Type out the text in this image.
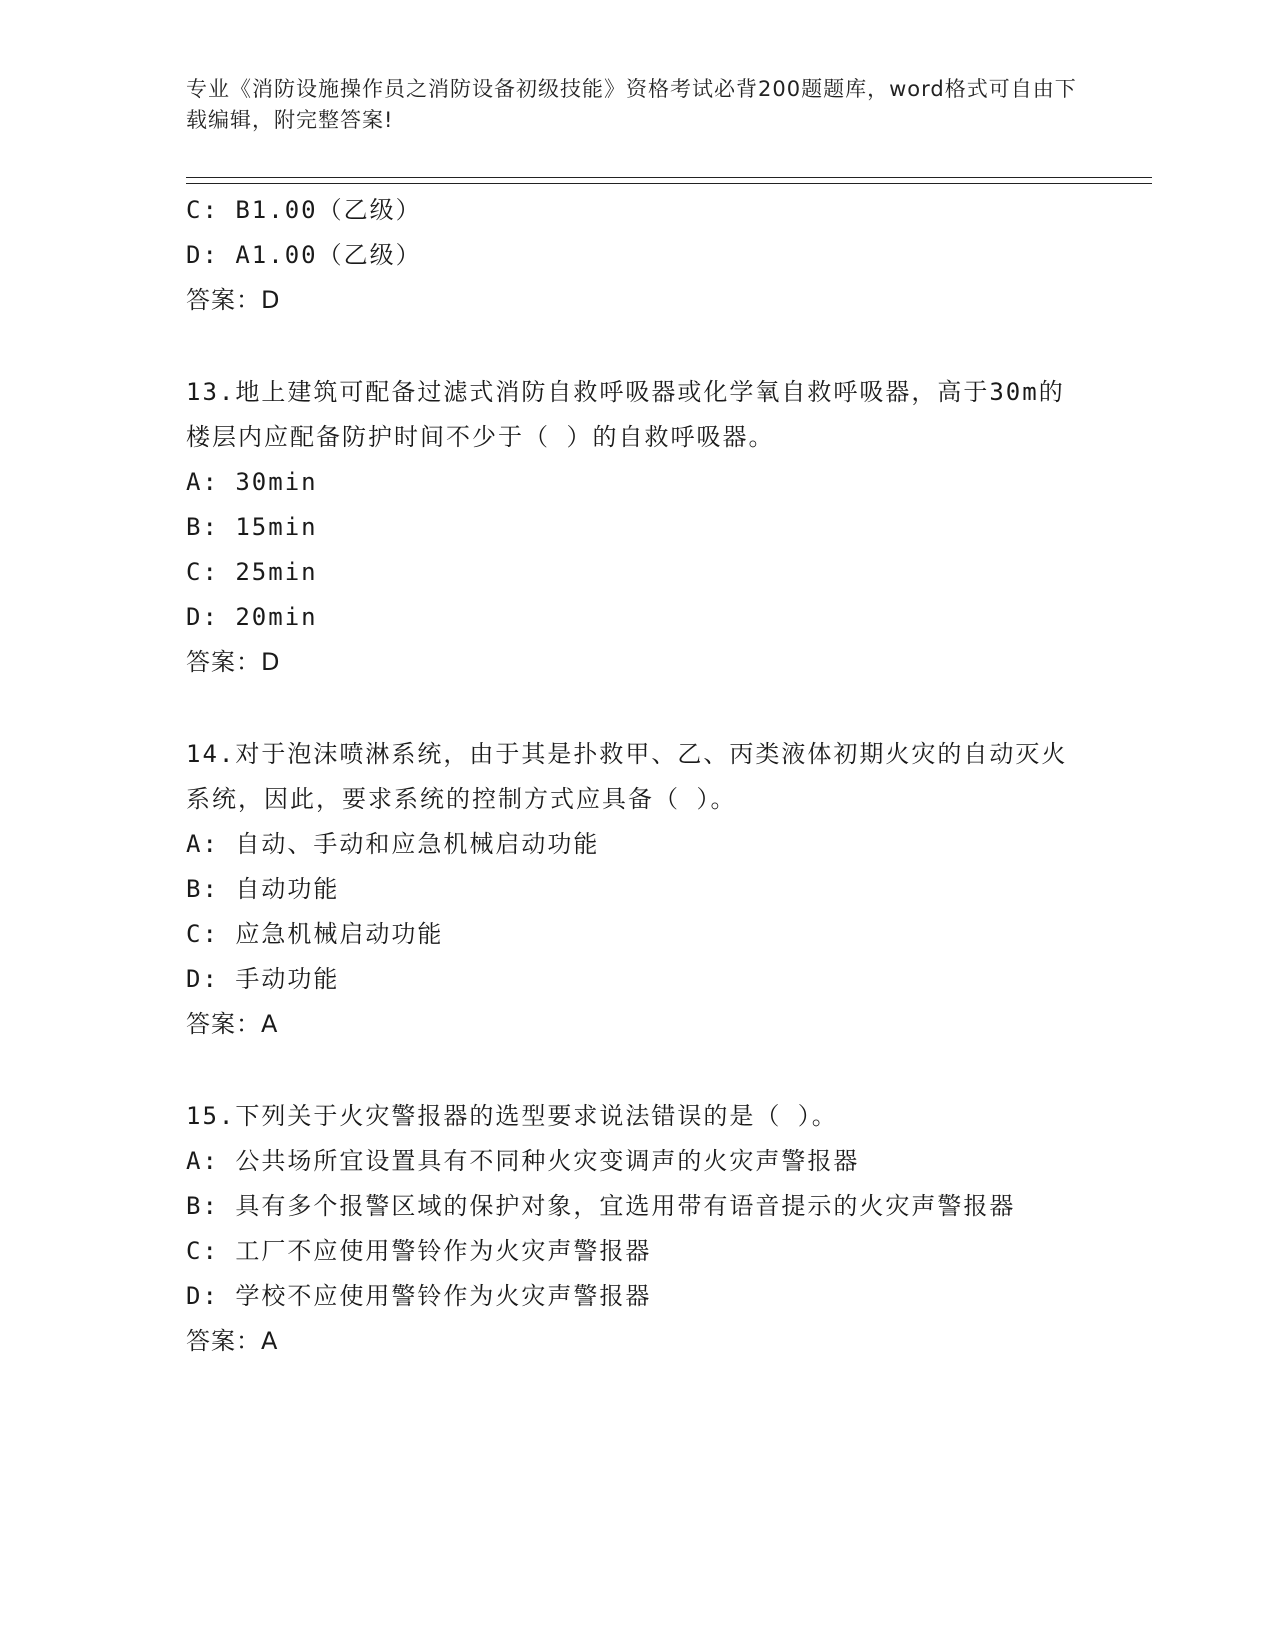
专业《消防设施操作员之消防设备初级技能》资格考试必背200题题库，word格式可自由下载编辑，附完整答案!
C: B1.00（乙级）
D: A1.00（乙级）
答案：D
13.地上建筑可配备过滤式消防自救呼吸器或化学氧自救呼吸器，高于30m的楼层内应配备防护时间不少于（ ）的自救呼吸器。
A: 30min
B: 15min
C: 25min
D: 20min
答案：D
14.对于泡沫喷淋系统，由于其是扑救甲、乙、丙类液体初期火灾的自动灭火系统，因此，要求系统的控制方式应具备（ ）。
A: 自动、手动和应急机械启动功能
B: 自动功能
C: 应急机械启动功能
D: 手动功能
答案：A
15.下列关于火灾警报器的选型要求说法错误的是（ ）。
A: 公共场所宜设置具有不同种火灾变调声的火灾声警报器
B: 具有多个报警区域的保护对象，宜选用带有语音提示的火灾声警报器
C: 工厂不应使用警铃作为火灾声警报器
D: 学校不应使用警铃作为火灾声警报器
答案：A
